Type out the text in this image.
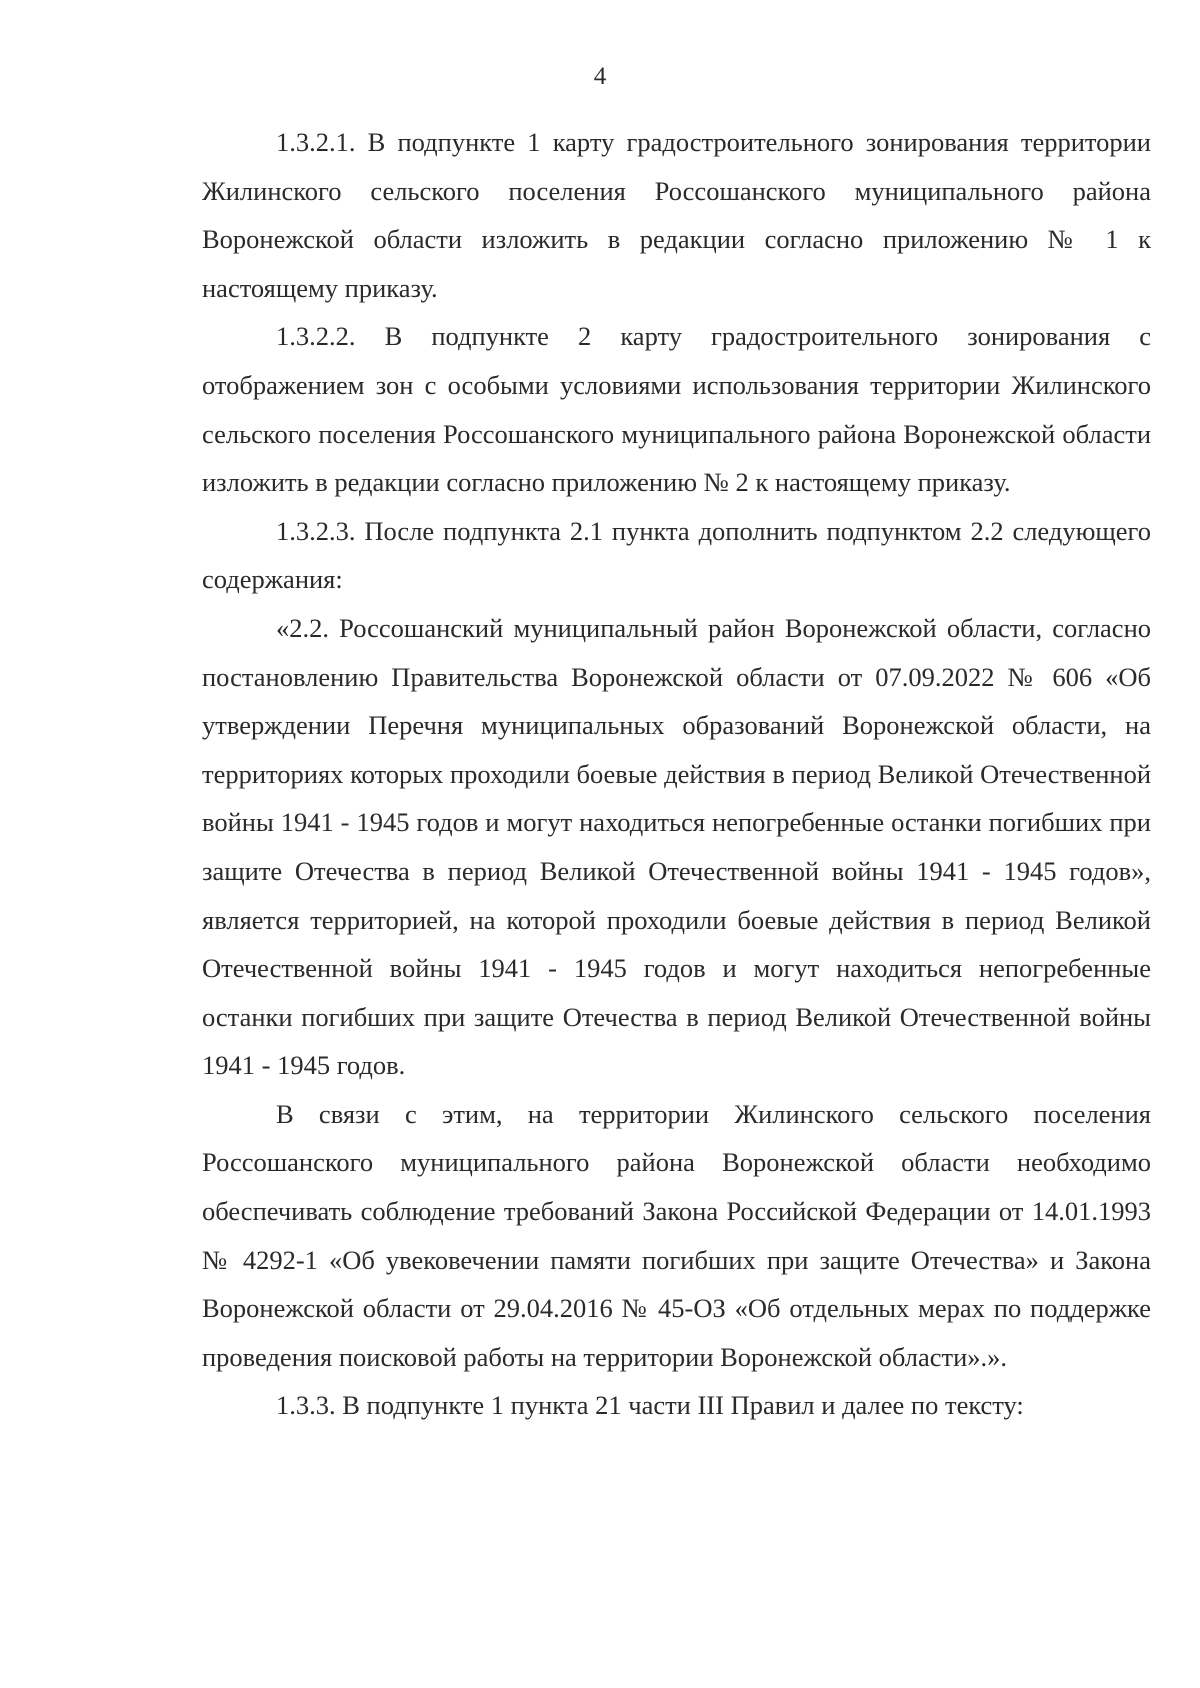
4

1.3.2.1. В подпункте 1 карту градостроительного зонирования территории Жилинского сельского поселения Россошанского муниципального района Воронежской области изложить в редакции согласно приложению № 1 к настоящему приказу.

1.3.2.2. В подпункте 2 карту градостроительного зонирования с отображением зон с особыми условиями использования территории Жилинского сельского поселения Россошанского муниципального района Воронежской области изложить в редакции согласно приложению № 2 к настоящему приказу.

1.3.2.3. После подпункта 2.1 пункта дополнить подпунктом 2.2 следующего содержания:

«2.2. Россошанский муниципальный район Воронежской области, согласно постановлению Правительства Воронежской области от 07.09.2022 № 606 «Об утверждении Перечня муниципальных образований Воронежской области, на территориях которых проходили боевые действия в период Великой Отечественной войны 1941 - 1945 годов и могут находиться непогребенные останки погибших при защите Отечества в период Великой Отечественной войны 1941 - 1945 годов», является территорией, на которой проходили боевые действия в период Великой Отечественной войны 1941 - 1945 годов и могут находиться непогребенные останки погибших при защите Отечества в период Великой Отечественной войны 1941 - 1945 годов.

В связи с этим, на территории Жилинского сельского поселения Россошанского муниципального района Воронежской области необходимо обеспечивать соблюдение требований Закона Российской Федерации от 14.01.1993 № 4292-1 «Об увековечении памяти погибших при защите Отечества» и Закона Воронежской области от 29.04.2016 № 45-ОЗ «Об отдельных мерах по поддержке проведения поисковой работы на территории Воронежской области».».

1.3.3. В подпункте 1 пункта 21 части III Правил и далее по тексту:
